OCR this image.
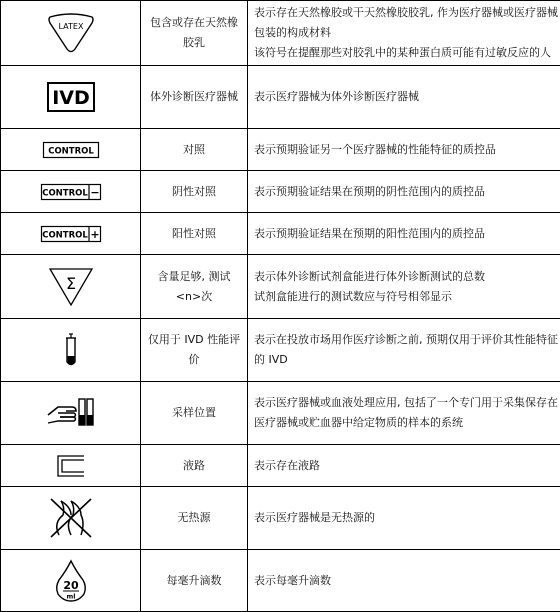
LATEX	包含或存在天然橡胶乳	表示存在天然橡胶或干天然橡胶胶乳, 作为医疗器械或医疗器械
包装的构成材料
该符号在提醒那些对胶乳中的某种蛋白质可能有过敏反应的人

IVD	体外诊断医疗器械	表示医疗器械为体外诊断医疗器械

CONTROL	对照	表示预期验证另一个医疗器械的性能特征的质控品

CONTROL −	阴性对照	表示预期验证结果在预期的阴性范围内的质控品

CONTROL +	阳性对照	表示预期验证结果在预期的阳性范围内的质控品

Σ	含量足够, 测试<n>次	表示体外诊断试剂盒能进行体外诊断测试的总数
试剂盒能进行的测试数应与符号相邻显示

	仅用于 IVD 性能评价	表示在投放市场用作医疗诊断之前, 预期仅用于评价其性能特征
的 IVD

	采样位置	表示医疗器械或血液处理应用, 包括了一个专门用于采集保存在
医疗器械或贮血器中给定物质的样本的系统

	液路	表示存在液路

	无热源	表示医疗器械是无热源的

20
ml	每毫升滴数	表示每毫升滴数
